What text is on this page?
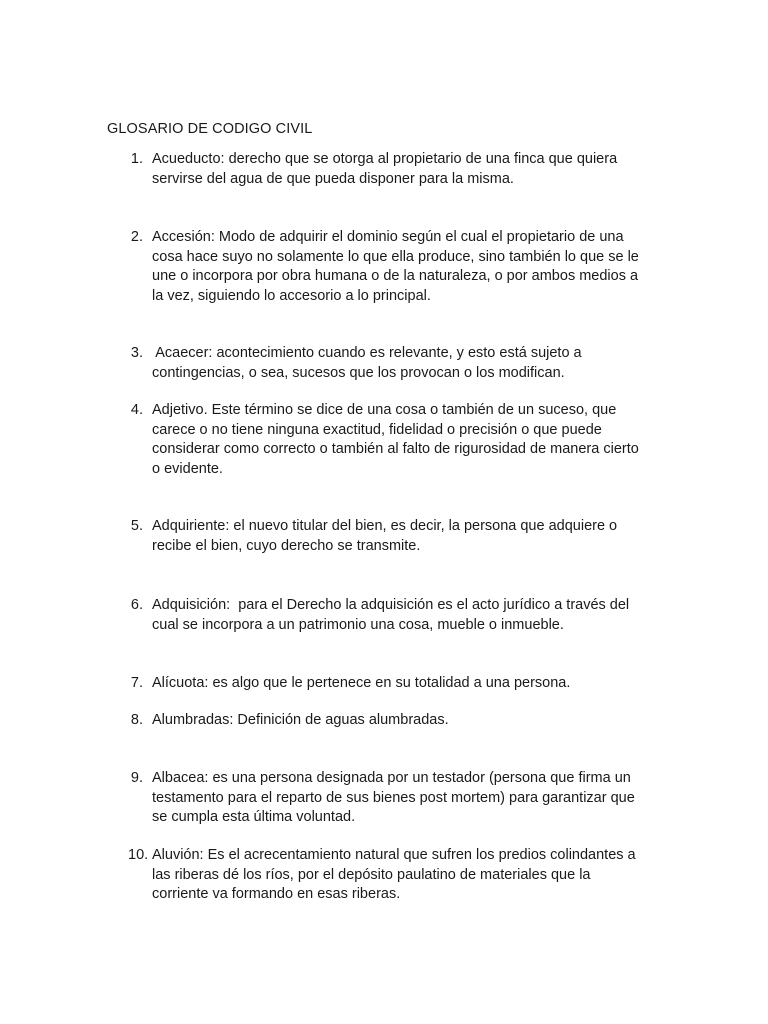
GLOSARIO DE CODIGO CIVIL
1. Acueducto: derecho que se otorga al propietario de una finca que quiera
servirse del agua de que pueda disponer para la misma.
2. Accesión: Modo de adquirir el dominio según el cual el propietario de una
cosa hace suyo no solamente lo que ella produce, sino también lo que se le
une o incorpora por obra humana o de la naturaleza, o por ambos medios a
la vez, siguiendo lo accesorio a lo principal.
3. Acaecer: acontecimiento cuando es relevante, y esto está sujeto a
contingencias, o sea, sucesos que los provocan o los modifican.
4. Adjetivo. Este término se dice de una cosa o también de un suceso, que
carece o no tiene ninguna exactitud, fidelidad o precisión o que puede
considerar como correcto o también al falto de rigurosidad de manera cierto
o evidente.
5. Adquiriente: el nuevo titular del bien, es decir, la persona que adquiere o
recibe el bien, cuyo derecho se transmite.
6. Adquisición:  para el Derecho la adquisición es el acto jurídico a través del
cual se incorpora a un patrimonio una cosa, mueble o inmueble.
7. Alícuota: es algo que le pertenece en su totalidad a una persona.
8. Alumbradas: Definición de aguas alumbradas.
9. Albacea: es una persona designada por un testador (persona que firma un
testamento para el reparto de sus bienes post mortem) para garantizar que
se cumpla esta última voluntad.
10. Aluvión: Es el acrecentamiento natural que sufren los predios colindantes a
las riberas dé los ríos, por el depósito paulatino de materiales que la
corriente va formando en esas riberas.
